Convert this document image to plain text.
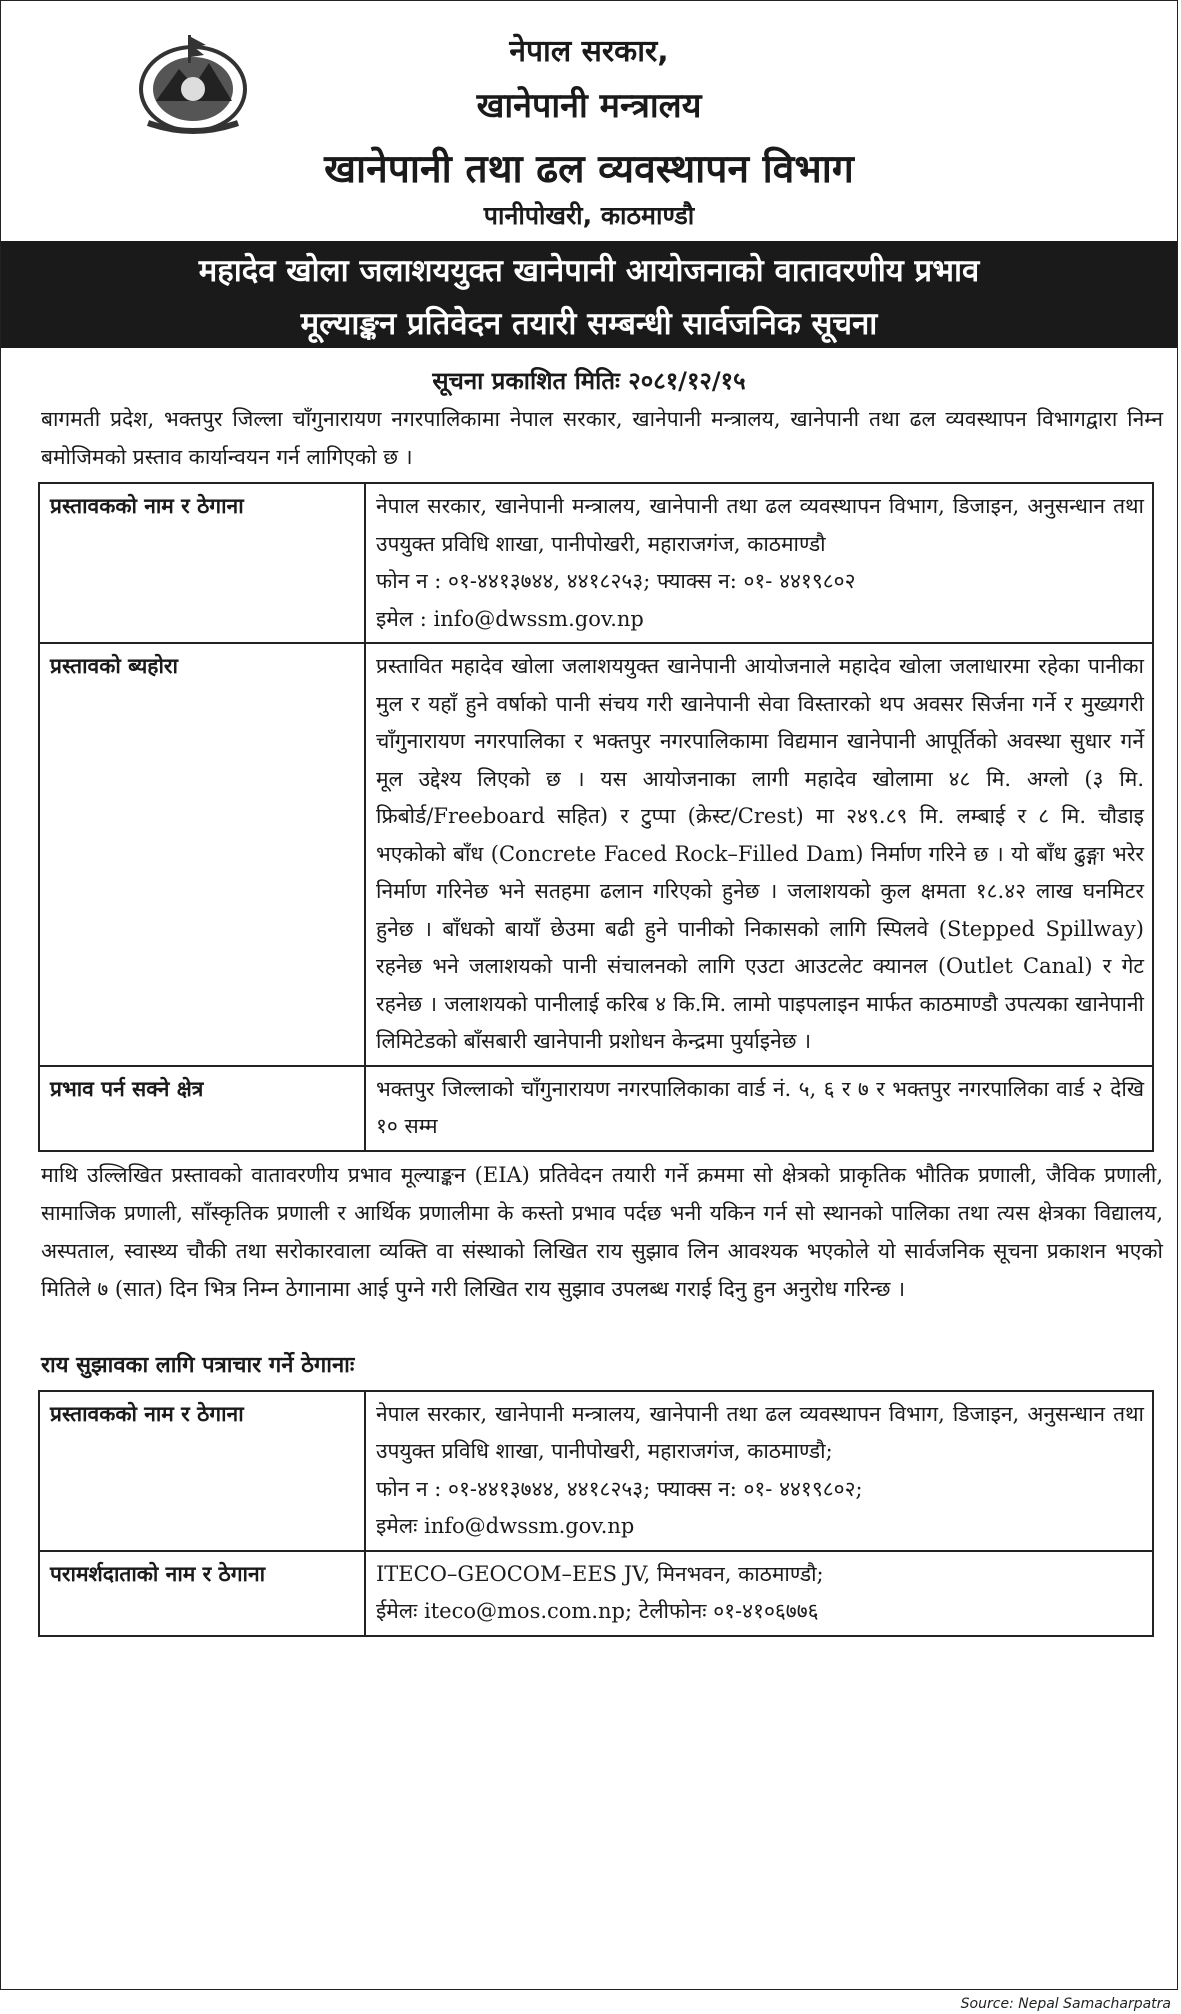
नेपाल सरकार,
खानेपानी मन्त्रालय
खानेपानी तथा ढल व्यवस्थापन विभाग
पानीपोखरी, काठमाण्डौ
महादेव खोला जलाशययुक्त खानेपानी आयोजनाको वातावरणीय प्रभाव
मूल्याङ्कन प्रतिवेदन तयारी सम्बन्धी सार्वजनिक सूचना
सूचना प्रकाशित मितिः २०८१/१२/१५
बागमती प्रदेश, भक्तपुर जिल्ला चाँगुनारायण नगरपालिकामा नेपाल सरकार, खानेपानी मन्त्रालय, खानेपानी तथा ढल व्यवस्थापन विभागद्वारा निम्न बमोजिमको प्रस्ताव कार्यान्वयन गर्न लागिएको छ ।
प्रस्तावकको नाम र ठेगाना	नेपाल सरकार, खानेपानी मन्त्रालय, खानेपानी तथा ढल व्यवस्थापन विभाग, डिजाइन, अनुसन्धान तथा उपयुक्त प्रविधि शाखा, पानीपोखरी, महाराजगंज, काठमाण्डौ
फोन न : ०१-४४१३७४४, ४४१८२५३; फ्याक्स न: ०१- ४४१९८०२
इमेल : info@dwssm.gov.np

प्रस्तावको ब्यहोरा	प्रस्तावित महादेव खोला जलाशययुक्त खानेपानी आयोजनाले महादेव खोला जलाधारमा रहेका पानीका मुल र यहाँ हुने वर्षाको पानी संचय गरी खानेपानी सेवा विस्तारको थप अवसर सिर्जना गर्ने र मुख्यगरी चाँगुनारायण नगरपालिका र भक्तपुर नगरपालिकामा विद्यमान खानेपानी आपूर्तिको अवस्था सुधार गर्ने मूल उद्देश्य लिएको छ । यस आयोजनाका लागी महादेव खोलामा ४८ मि. अग्लो (३ मि. फ्रिबोर्ड/Freeboard सहित) र टुप्पा (क्रेस्ट/Crest) मा २४९.८९ मि. लम्बाई र ८ मि. चौडाइ भएकोको बाँध (Concrete Faced Rock–Filled Dam) निर्माण गरिने छ । यो बाँध ढुङ्गा भरेर निर्माण गरिनेछ भने सतहमा ढलान गरिएको हुनेछ । जलाशयको कुल क्षमता १८.४२ लाख घनमिटर हुनेछ । बाँधको बायाँ छेउमा बढी हुने पानीको निकासको लागि स्पिलवे (Stepped Spillway) रहनेछ भने जलाशयको पानी संचालनको लागि एउटा आउटलेट क्यानल (Outlet Canal) र गेट रहनेछ । जलाशयको पानीलाई करिब ४ कि.मि. लामो पाइपलाइन मार्फत काठमाण्डौ उपत्यका खानेपानी लिमिटेडको बाँसबारी खानेपानी प्रशोधन केन्द्रमा पुर्याइनेछ ।
प्रभाव पर्न सक्ने क्षेत्र	भक्तपुर जिल्लाको चाँगुनारायण नगरपालिकाका वार्ड नं. ५, ६ र ७ र भक्तपुर नगरपालिका वार्ड २ देखि १० सम्म
माथि उल्लिखित प्रस्तावको वातावरणीय प्रभाव मूल्याङ्कन (EIA) प्रतिवेदन तयारी गर्ने क्रममा सो क्षेत्रको प्राकृतिक भौतिक प्रणाली, जैविक प्रणाली, सामाजिक प्रणाली, साँस्कृतिक प्रणाली र आर्थिक प्रणालीमा के कस्तो प्रभाव पर्दछ भनी यकिन गर्न सो स्थानको पालिका तथा त्यस क्षेत्रका विद्यालय, अस्पताल, स्वास्थ्य चौकी तथा सरोकारवाला व्यक्ति वा संस्थाको लिखित राय सुझाव लिन आवश्यक भएकोले यो सार्वजनिक सूचना प्रकाशन भएको मितिले ७ (सात) दिन भित्र निम्न ठेगानामा आई पुग्ने गरी लिखित राय सुझाव उपलब्ध गराई दिनु हुन अनुरोध गरिन्छ ।
राय सुझावका लागि पत्राचार गर्ने ठेगानाः
प्रस्तावकको नाम र ठेगाना	नेपाल सरकार, खानेपानी मन्त्रालय, खानेपानी तथा ढल व्यवस्थापन विभाग, डिजाइन, अनुसन्धान तथा उपयुक्त प्रविधि शाखा, पानीपोखरी, महाराजगंज, काठमाण्डौ;
फोन न : ०१-४४१३७४४, ४४१८२५३; फ्याक्स न: ०१- ४४१९८०२;
इमेलः info@dwssm.gov.np

परामर्शदाताको नाम र ठेगाना	ITECO–GEOCOM–EES JV, मिनभवन, काठमाण्डौ;
ईमेलः iteco@mos.com.np; टेलीफोनः ०१-४१०६७७६
Source: Nepal Samacharpatra
